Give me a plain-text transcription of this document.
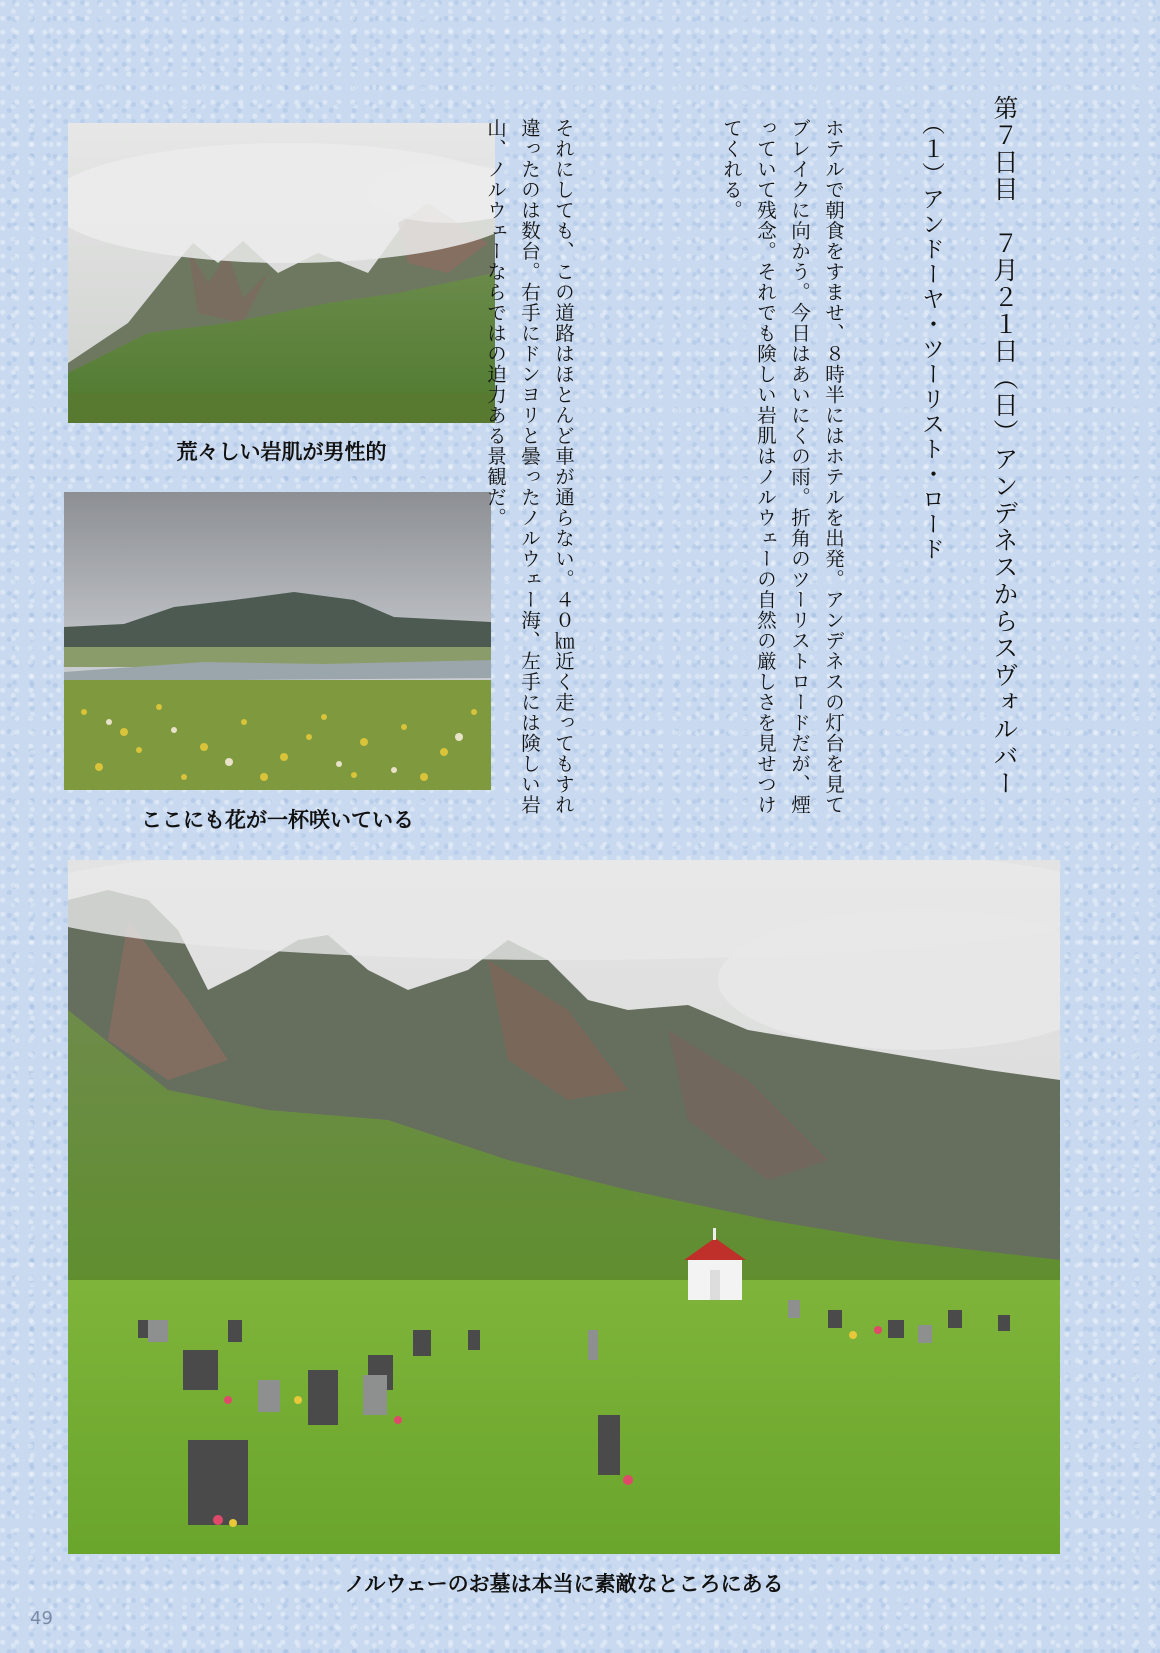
荒々しい岩肌が男性的
ここにも花が一杯咲いている
ノルウェーのお墓は本当に素敵なところにある
第７日目　７月２１日（日）アンデネスからスヴォルバー
（１）アンドーヤ・ツーリスト・ロード
ホテルで朝食をすませ、８時半にはホテルを出発。アンデネスの灯台を見てブレイクに向かう。今日はあいにくの雨。折角のツーリストロードだが、煙っていて残念。それでも険しい岩肌はノルウェーの自然の厳しさを見せつけてくれる。
それにしても、この道路はほとんど車が通らない。４０㎞近く走ってもすれ違ったのは数台。右手にドンヨリと曇ったノルウェー海、左手には険しい岩山、ノルウェーならではの迫力ある景観だ。
49
